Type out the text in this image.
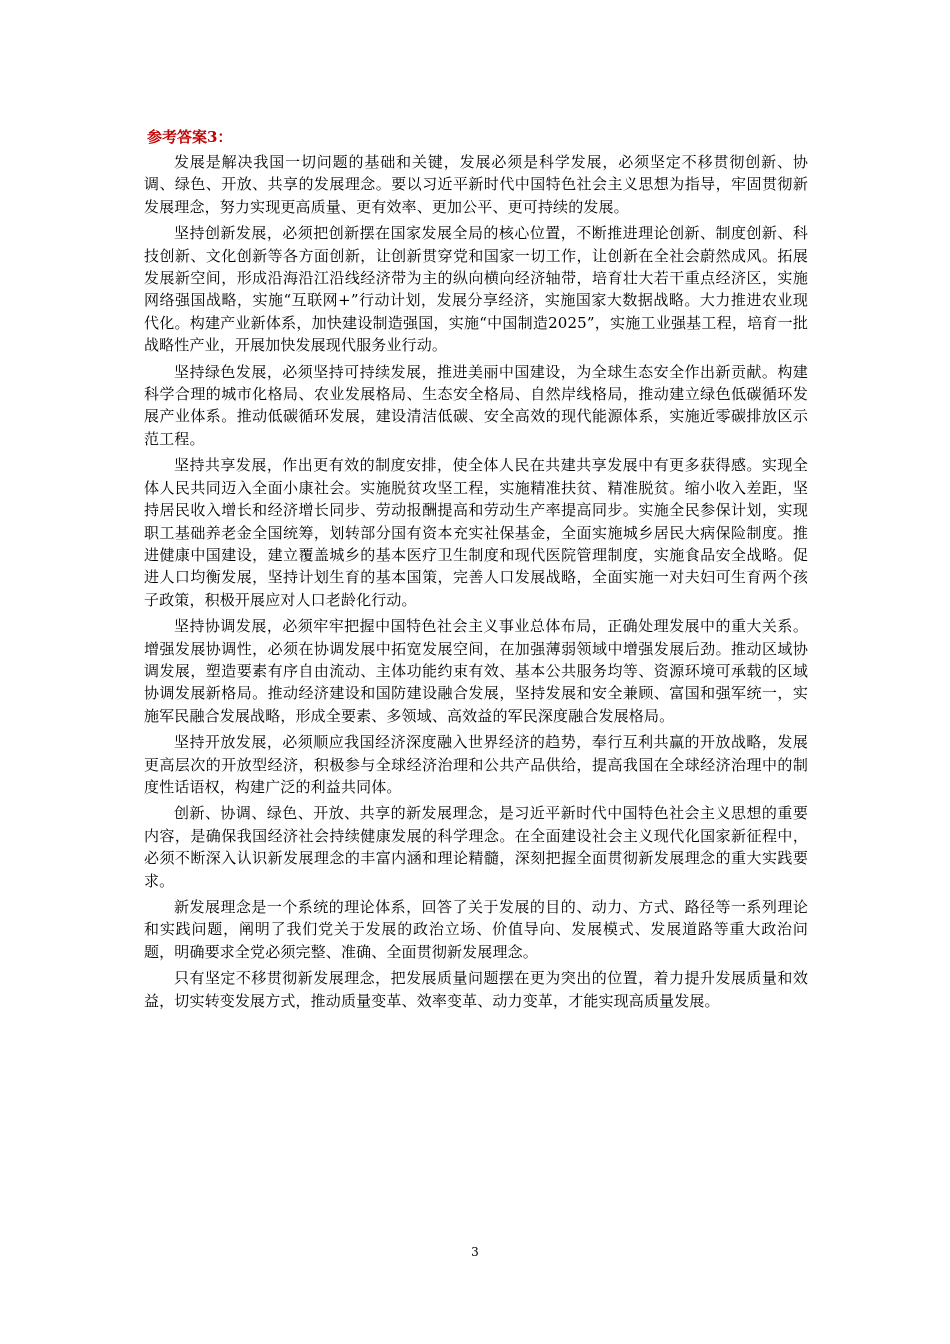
参考答案3：

发展是解决我国一切问题的基础和关键，发展必须是科学发展，必须坚定不移贯彻创新、协调、绿色、开放、共享的发展理念。要以习近平新时代中国特色社会主义思想为指导，牢固贯彻新发展理念，努力实现更高质量、更有效率、更加公平、更可持续的发展。

坚持创新发展，必须把创新摆在国家发展全局的核心位置，不断推进理论创新、制度创新、科技创新、文化创新等各方面创新，让创新贯穿党和国家一切工作，让创新在全社会蔚然成风。拓展发展新空间，形成沿海沿江沿线经济带为主的纵向横向经济轴带，培育壮大若干重点经济区，实施网络强国战略，实施“互联网+”行动计划，发展分享经济，实施国家大数据战略。大力推进农业现代化。构建产业新体系，加快建设制造强国，实施“中国制造2025”，实施工业强基工程，培育一批战略性产业，开展加快发展现代服务业行动。

坚持绿色发展，必须坚持可持续发展，推进美丽中国建设，为全球生态安全作出新贡献。构建科学合理的城市化格局、农业发展格局、生态安全格局、自然岸线格局，推动建立绿色低碳循环发展产业体系。推动低碳循环发展，建设清洁低碳、安全高效的现代能源体系，实施近零碳排放区示范工程。

坚持共享发展，作出更有效的制度安排，使全体人民在共建共享发展中有更多获得感。实现全体人民共同迈入全面小康社会。实施脱贫攻坚工程，实施精准扶贫、精准脱贫。缩小收入差距，坚持居民收入增长和经济增长同步、劳动报酬提高和劳动生产率提高同步。实施全民参保计划，实现职工基础养老金全国统筹，划转部分国有资本充实社保基金，全面实施城乡居民大病保险制度。推进健康中国建设，建立覆盖城乡的基本医疗卫生制度和现代医院管理制度，实施食品安全战略。促进人口均衡发展，坚持计划生育的基本国策，完善人口发展战略，全面实施一对夫妇可生育两个孩子政策，积极开展应对人口老龄化行动。

坚持协调发展，必须牢牢把握中国特色社会主义事业总体布局，正确处理发展中的重大关系。增强发展协调性，必须在协调发展中拓宽发展空间，在加强薄弱领域中增强发展后劲。推动区域协调发展，塑造要素有序自由流动、主体功能约束有效、基本公共服务均等、资源环境可承载的区域协调发展新格局。推动经济建设和国防建设融合发展，坚持发展和安全兼顾、富国和强军统一，实施军民融合发展战略，形成全要素、多领域、高效益的军民深度融合发展格局。

坚持开放发展，必须顺应我国经济深度融入世界经济的趋势，奉行互利共赢的开放战略，发展更高层次的开放型经济，积极参与全球经济治理和公共产品供给，提高我国在全球经济治理中的制度性话语权，构建广泛的利益共同体。

创新、协调、绿色、开放、共享的新发展理念，是习近平新时代中国特色社会主义思想的重要内容，是确保我国经济社会持续健康发展的科学理念。在全面建设社会主义现代化国家新征程中，必须不断深入认识新发展理念的丰富内涵和理论精髓，深刻把握全面贯彻新发展理念的重大实践要求。

新发展理念是一个系统的理论体系，回答了关于发展的目的、动力、方式、路径等一系列理论和实践问题，阐明了我们党关于发展的政治立场、价值导向、发展模式、发展道路等重大政治问题，明确要求全党必须完整、准确、全面贯彻新发展理念。

只有坚定不移贯彻新发展理念，把发展质量问题摆在更为突出的位置，着力提升发展质量和效益，切实转变发展方式，推动质量变革、效率变革、动力变革，才能实现高质量发展。

3
